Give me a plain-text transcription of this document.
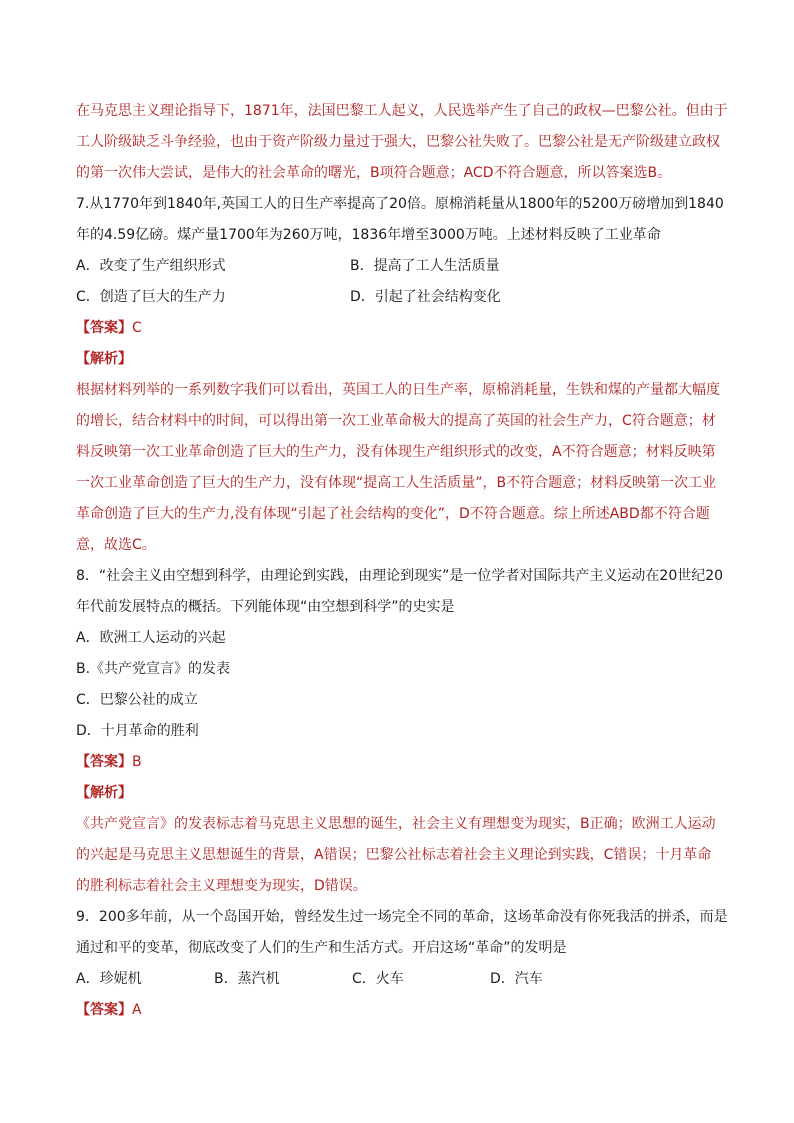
在马克思主义理论指导下，1871年，法国巴黎工人起义，人民选举产生了自己的政权—巴黎公社。但由于
工人阶级缺乏斗争经验，也由于资产阶级力量过于强大，巴黎公社失败了。巴黎公社是无产阶级建立政权
的第一次伟大尝试，是伟大的社会革命的曙光，B项符合题意；ACD不符合题意，所以答案选B。
7.从1770年到1840年,英国工人的日生产率提高了20倍。原棉消耗量从1800年的5200万磅增加到1840
年的4.59亿磅。煤产量1700年为260万吨，1836年增至3000万吨。上述材料反映了工业革命
A．改变了生产组织形式	B．提高了工人生活质量
C．创造了巨大的生产力	D．引起了社会结构变化
【答案】C
【解析】
根据材料列举的一系列数字我们可以看出，英国工人的日生产率，原棉消耗量，生铁和煤的产量都大幅度
的增长，结合材料中的时间，可以得出第一次工业革命极大的提高了英国的社会生产力，C符合题意；材
料反映第一次工业革命创造了巨大的生产力，没有体现生产组织形式的改变，A不符合题意；材料反映第
一次工业革命创造了巨大的生产力，没有体现“提高工人生活质量”，B不符合题意；材料反映第一次工业
革命创造了巨大的生产力,没有体现“引起了社会结构的变化”，D不符合题意。综上所述ABD都不符合题
意，故选C。
8．“社会主义由空想到科学，由理论到实践，由理论到现实”是一位学者对国际共产主义运动在20世纪20
年代前发展特点的概括。下列能体现“由空想到科学”的史实是
A．欧洲工人运动的兴起
B.《共产党宣言》的发表
C．巴黎公社的成立
D．十月革命的胜利
【答案】B
【解析】
《共产党宣言》的发表标志着马克思主义思想的诞生，社会主义有理想变为现实，B正确；欧洲工人运动
的兴起是马克思主义思想诞生的背景，A错误；巴黎公社标志着社会主义理论到实践，C错误；十月革命
的胜利标志着社会主义理想变为现实，D错误。
9．200多年前，从一个岛国开始，曾经发生过一场完全不同的革命，这场革命没有你死我活的拼杀，而是
通过和平的变革，彻底改变了人们的生产和生活方式。开启这场“革命”的发明是
A．珍妮机	B．蒸汽机	C．火车	D．汽车
【答案】A
